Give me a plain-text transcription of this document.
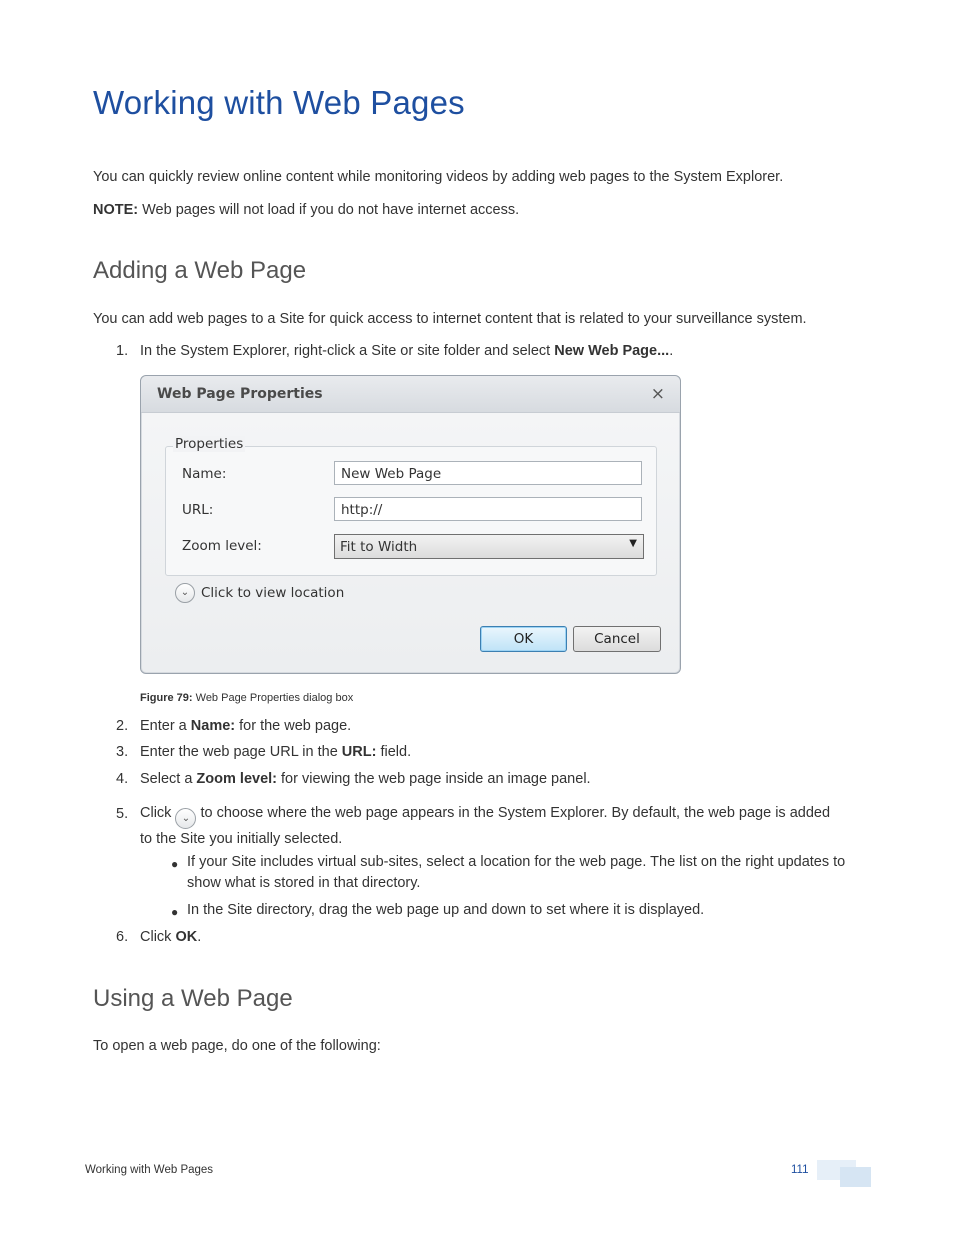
Working with Web Pages
You can quickly review online content while monitoring videos by adding web pages to the System Explorer.
NOTE: Web pages will not load if you do not have internet access.
Adding a Web Page
You can add web pages to a Site for quick access to internet content that is related to your surveillance system.
1. In the System Explorer, right-click a Site or site folder and select New Web Page....
Web Page Properties	×
Properties
Name:	New Web Page
URL:	http://
Zoom level:	Fit to Width	▼
⌄ Click to view location
OK	Cancel
Figure 79: Web Page Properties dialog box
2. Enter a Name: for the web page.
3. Enter the web page URL in the URL: field.
4. Select a Zoom level: for viewing the web page inside an image panel.
5. Click ⌄ to choose where the web page appears in the System Explorer. By default, the web page is added to the Site you initially selected.
● If your Site includes virtual sub-sites, select a location for the web page. The list on the right updates to show what is stored in that directory.
● In the Site directory, drag the web page up and down to set where it is displayed.
6. Click OK.
Using a Web Page
To open a web page, do one of the following:
Working with Web Pages	111
